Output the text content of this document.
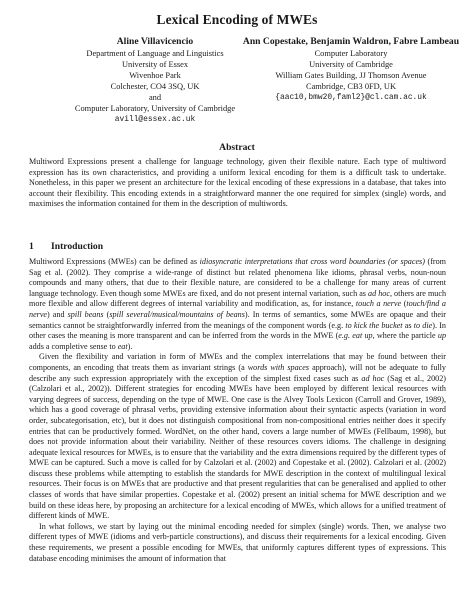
Lexical Encoding of MWEs
Aline Villavicencio
Department of Language and Linguistics
University of Essex
Wivenhoe Park
Colchester, CO4 3SQ, UK
and
Computer Laboratory, University of Cambridge
avill@essex.ac.uk
Ann Copestake, Benjamin Waldron, Fabre Lambeau
Computer Laboratory
University of Cambridge
William Gates Building, JJ Thomson Avenue
Cambridge, CB3 0FD, UK
{aac10,bmw20,faml2}@cl.cam.ac.uk
Abstract

Multiword Expressions present a challenge for language technology, given their flexible nature. Each type of multiword expression has its own characteristics, and providing a uniform lexical encoding for them is a difficult task to undertake. Nonetheless, in this paper we present an architecture for the lexical encoding of these expressions in a database, that takes into account their flexibility. This encoding extends in a straightforward manner the one required for simplex (single) words, and maximises the information contained for them in the description of multiwords.

1 Introduction

Multiword Expressions (MWEs) can be defined as idiosyncratic interpretations that cross word boundaries (or spaces) (from Sag et al. (2002). They comprise a wide-range of distinct but related phenomena like idioms, phrasal verbs, noun-noun compounds and many others, that due to their flexible nature, are considered to be a challenge for many areas of current language technology. Even though some MWEs are fixed, and do not present internal variation, such as ad hoc, others are much more flexible and allow different degrees of internal variability and modification, as, for instance, touch a nerve (touch/find a nerve) and spill beans (spill several/musical/mountains of beans). In terms of semantics, some MWEs are opaque and their semantics cannot be straightforwardly inferred from the meanings of the component words (e.g. to kick the bucket as to die). In other cases the meaning is more transparent and can be inferred from the words in the MWE (e.g. eat up, where the particle up adds a completive sense to eat).

Given the flexibility and variation in form of MWEs and the complex interrelations that may be found between their components, an encoding that treats them as invariant strings (a words with spaces approach), will not be adequate to fully describe any such expression appropriately with the exception of the simplest fixed cases such as ad hoc (Sag et al., 2002) (Calzolari et al., 2002)). Different strategies for encoding MWEs have been employed by different lexical resources with varying degrees of success, depending on the type of MWE. One case is the Alvey Tools Lexicon (Carroll and Grover, 1989), which has a good coverage of phrasal verbs, providing extensive information about their syntactic aspects (variation in word order, subcategorisation, etc), but it does not distinguish compositional from non-compositional entries neither does it specify entries that can be productively formed. WordNet, on the other hand, covers a large number of MWEs (Fellbaum, 1998), but does not provide information about their variability. Neither of these resources covers idioms. The challenge in designing adequate lexical resources for MWEs, is to ensure that the variability and the extra dimensions required by the different types of MWE can be captured. Such a move is called for by Calzolari et al. (2002) and Copestake et al. (2002). Calzolari et al. (2002) discuss these problems while attempting to establish the standards for MWE description in the context of multilingual lexical resources. Their focus is on MWEs that are productive and that present regularities that can be generalised and applied to other classes of words that have similar properties. Copestake et al. (2002) present an initial schema for MWE description and we build on these ideas here, by proposing an architecture for a lexical encoding of MWEs, which allows for a unified treatment of different kinds of MWE.

In what follows, we start by laying out the minimal encoding needed for simplex (single) words. Then, we analyse two different types of MWE (idioms and verb-particle constructions), and discuss their requirements for a lexical encoding. Given these requirements, we present a possible encoding for MWEs, that uniformly captures different types of expressions. This database encoding minimises the amount of information that
